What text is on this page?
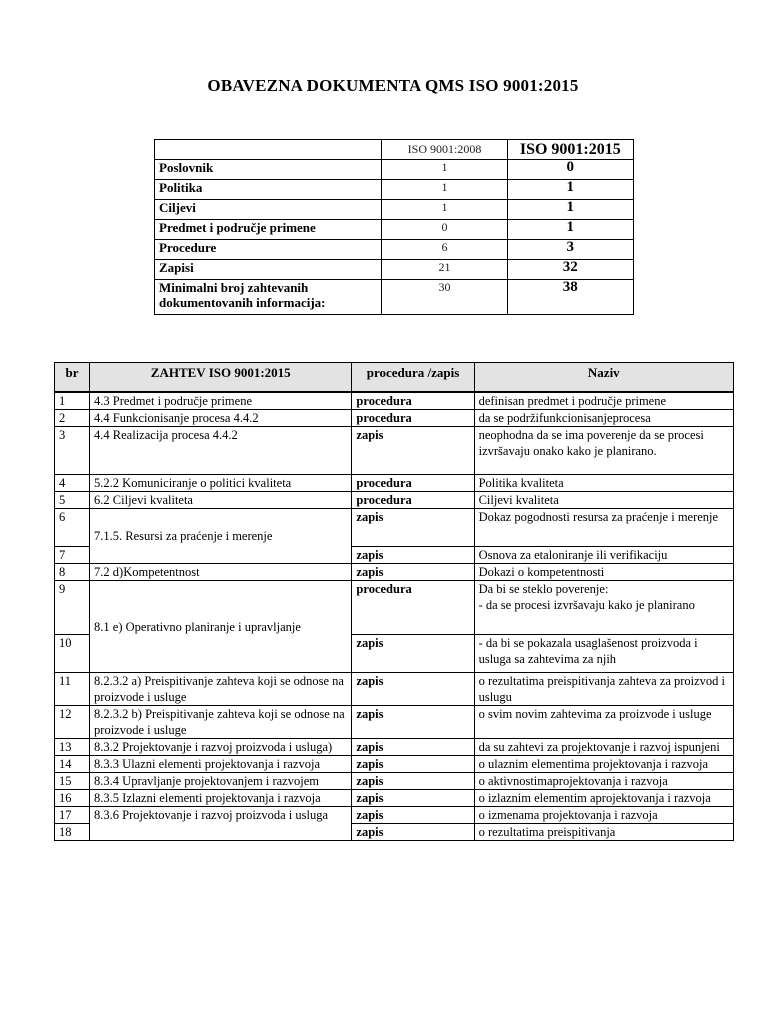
OBAVEZNA DOKUMENTA QMS ISO 9001:2015
	ISO 9001:2008	ISO 9001:2015
Poslovnik	1	0
Politika	1	1
Ciljevi	1	1
Predmet i područje primene	0	1
Procedure	6	3
Zapisi	21	32
Minimalni broj zahtevanih dokumentovanih informacija:	30	38
br	ZAHTEV ISO 9001:2015	procedura /zapis	Naziv
1	4.3 Predmet i područje primene	procedura	definisan predmet i područje primene
2	4.4 Funkcionisanje procesa 4.4.2	procedura	da se podržifunkcionisanjeprocesa
3	4.4 Realizacija procesa 4.4.2	zapis	neophodna da se ima poverenje da se procesi izvršavaju onako kako je planirano.
4	5.2.2 Komuniciranje o politici kvaliteta	procedura	Politika kvaliteta
5	6.2 Ciljevi kvaliteta	procedura	Ciljevi kvaliteta
6	7.1.5. Resursi za praćenje i merenje	zapis	Dokaz pogodnosti resursa za praćenje i merenje
7		zapis	Osnova za etaloniranje ili verifikaciju
8	7.2 d)Kompetentnost	zapis	Dokazi o kompetentnosti
9	8.1 e) Operativno planiranje i upravljanje	procedura	Da bi se steklo poverenje:
- da se procesi izvršavaju kako je planirano
10		zapis	- da bi se pokazala usaglašenost proizvoda i usluga sa zahtevima za njih
11	8.2.3.2 a) Preispitivanje zahteva koji se odnose na proizvode i usluge	zapis	o rezultatima preispitivanja zahteva za proizvod i uslugu
12	8.2.3.2 b) Preispitivanje zahteva koji se odnose na proizvode i usluge	zapis	o svim novim zahtevima za proizvode i usluge
13	8.3.2 Projektovanje i razvoj proizvoda i usluga)	zapis	da su zahtevi za projektovanje i razvoj ispunjeni
14	8.3.3 Ulazni elementi projektovanja i razvoja	zapis	o ulaznim elementima projektovanja i razvoja
15	8.3.4 Upravljanje projektovanjem i razvojem	zapis	o aktivnostimaprojektovanja i razvoja
16	8.3.5 Izlazni elementi projektovanja i razvoja	zapis	o izlaznim elementim aprojektovanja i razvoja
17	8.3.6 Projektovanje i razvoj proizvoda i usluga	zapis	o izmenama projektovanja i razvoja
18		zapis	o rezultatima preispitivanja
